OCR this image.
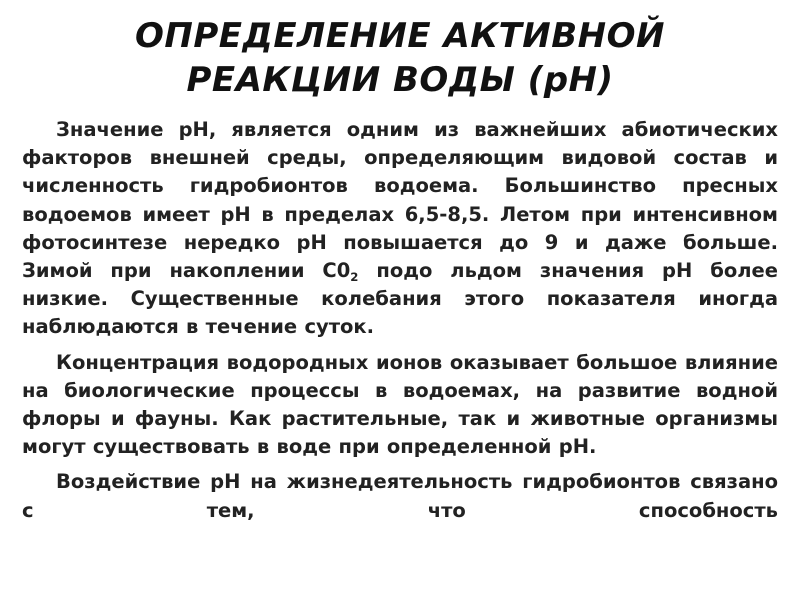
ОПРЕДЕЛЕНИЕ АКТИВНОЙ
РЕАКЦИИ ВОДЫ (pH)

Значение рН, является одним из важнейших абиотических факторов внешней среды, определяющим видовой состав и численность гидробионтов водоема. Большинство пресных водоемов имеет рН в пределах 6,5-8,5. Летом при интенсивном фотосинтезе нередко рН повышается до 9 и даже больше. Зимой при накоплении $С0_2$ подо льдом значения рН более низкие. Существенные колебания этого показателя иногда наблюдаются в течение суток.

Концентрация водородных ионов оказывает большое влияние на биологические процессы в водоемах, на развитие водной флоры и фауны. Как растительные, так и животные организмы могут существовать в воде при определенной рН.

Воздействие рН на жизнедеятельность гидробионтов связано с тем, что способность
